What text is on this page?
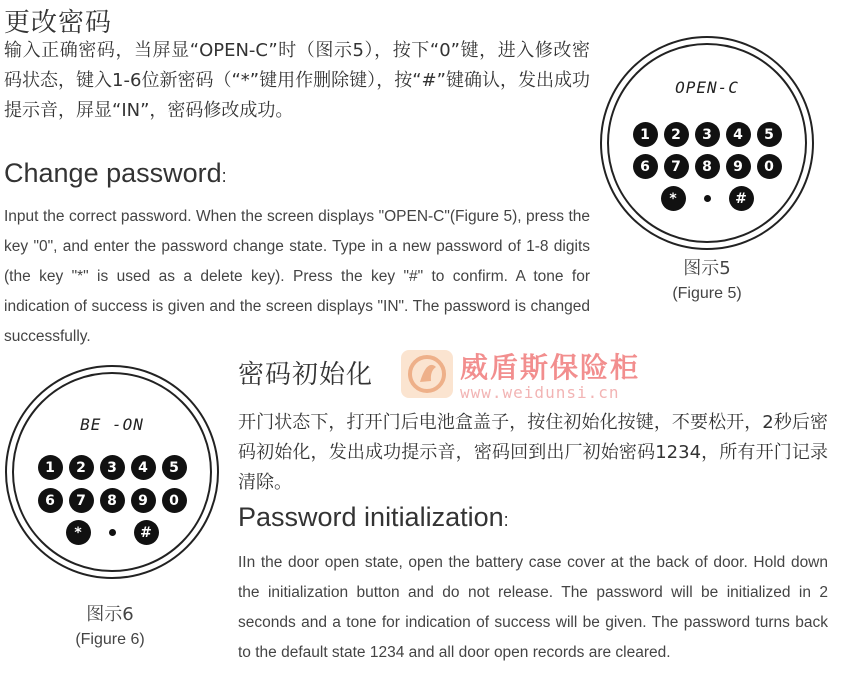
更改密码
输入正确密码，当屏显“OPEN-C”时（图示5），按下“0”键，进入修改密码状态，键入1-6位新密码（“*”键用作删除键），按“#”键确认，发出成功提示音，屏显“IN”，密码修改成功。
Change password:
Input the correct password. When the screen displays "OPEN-C"(Figure 5), press the key "0", and enter the password change state. Type in a new password of 1-8 digits (the key "*" is used as a delete key). Press the key "#" to confirm. A tone for indication of success is given and the screen displays "IN". The password is changed successfully.
OPEN-C
1	2	3	4	5
6	7	8	9	0
*	#
图示5
(Figure 5)
BE -ON
1	2	3	4	5
6	7	8	9	0
*	#
图示6
(Figure 6)
密码初始化	威盾斯保险柜
www.weidunsi.cn
开门状态下，打开门后电池盒盖子，按住初始化按键，不要松开，2秒后密码初始化，发出成功提示音，密码回到出厂初始密码1234，所有开门记录清除。
Password initialization:
IIn the door open state, open the battery case cover at the back of door. Hold down the initialization button and do not release. The password will be initialized in 2 seconds and a tone for indication of success will be given. The password turns back to the default state 1234 and all door open records are cleared.
